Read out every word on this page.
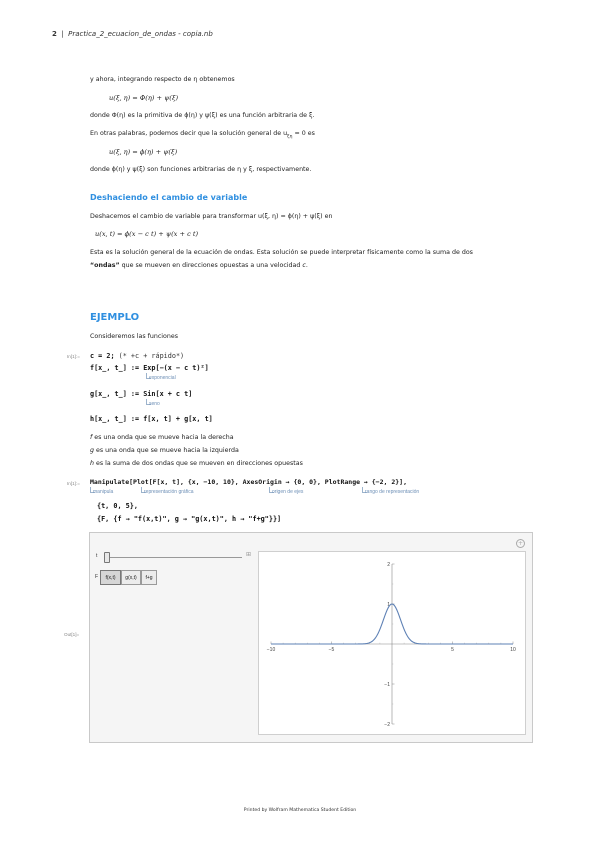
2 | Practica_2_ecuacion_de_ondas - copia.nb
y ahora, integrando respecto de η obtenemos
u(ξ, η) = Φ(η) + ψ(ξ)
donde Φ(η) es la primitiva de ϕ(η) y ψ(ξ) es una función arbitraria de ξ.
En otras palabras, podemos decir que la solución general de $u_{\xi\eta} = 0$ es
u(ξ, η) = ϕ(η) + ψ(ξ)
donde ϕ(η) y ψ(ξ) son funciones arbitrarias de η y ξ, respectivamente.
Deshaciendo el cambio de variable
Deshacemos el cambio de variable para transformar u(ξ, η) = ϕ(η) + ψ(ξ) en
u(x, t) = ϕ(x − c t) + ψ(x + c t)
Esta es la solución general de la ecuación de ondas. Esta solución se puede interpretar físicamente como la suma de dos
“ondas” que se mueven en direcciones opuestas a una velocidad c.
EJEMPLO
Consideremos las funciones
In[1]:= c = 2; (* +c + rápido*)
f[x_, t_] := Exp[−(x − c t)²]
exponencial
g[x_, t_] := Sin[x + c t]
seno
h[x_, t_] := f[x, t] + g[x, t]
f es una onda que se mueve hacia la derecha
g es una onda que se mueve hacia la izquierda
h es la suma de dos ondas que se mueven en direcciones opuestas
In[1]:= Manipulate[Plot[F[x, t], {x, −10, 10}, AxesOrigin → {0, 0}, PlotRange → {−2, 2}],
manipula	representación gráfica	origen de ejes	rango de representación
{t, 0, 5},
{F, {f → "f(x,t)", g → "g(x,t)", h → "f+g"}}]
Out[1]=
+
t	⊞
F	f(x,t)	g(x,t)	f+g
−10	−5	5	10
−2
−1
1
2
Printed by Wolfram Mathematica Student Edition
